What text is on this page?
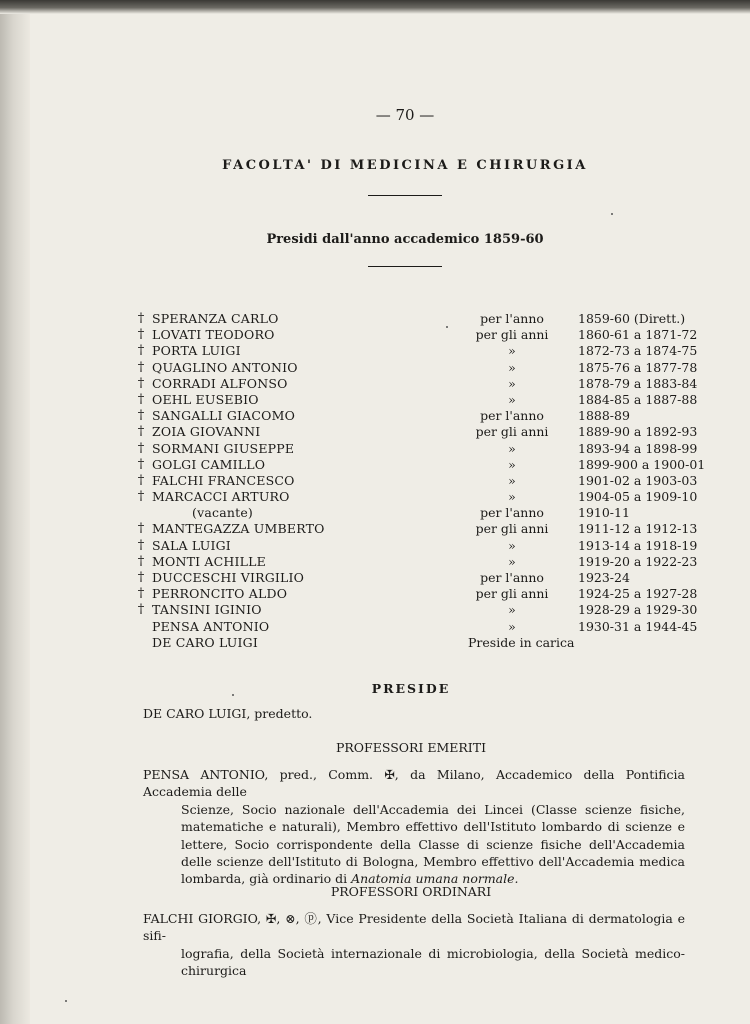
— 70 —
FACOLTA' DI MEDICINA E CHIRURGIA
Presidi dall'anno accademico 1859-60
† SPERANZA CARLO	per l'anno	1859-60 (Dirett.)
† LOVATI TEODORO	per gli anni	1860-61 a 1871-72
† PORTA LUIGI	»	1872-73 a 1874-75
† QUAGLINO ANTONIO	»	1875-76 a 1877-78
† CORRADI ALFONSO	»	1878-79 a 1883-84
† OEHL EUSEBIO	»	1884-85 a 1887-88
† SANGALLI GIACOMO	per l'anno	1888-89
† ZOIA GIOVANNI	per gli anni	1889-90 a 1892-93
† SORMANI GIUSEPPE	»	1893-94 a 1898-99
† GOLGI CAMILLO	»	1899-900 a 1900-01
† FALCHI FRANCESCO	»	1901-02 a 1903-03
† MARCACCI ARTURO	»	1904-05 a 1909-10
(vacante)	per l'anno	1910-11
† MANTEGAZZA UMBERTO	per gli anni	1911-12 a 1912-13
† SALA LUIGI	»	1913-14 a 1918-19
† MONTI ACHILLE	»	1919-20 a 1922-23
† DUCCESCHI VIRGILIO	per l'anno	1923-24
† PERRONCITO ALDO	per gli anni	1924-25 a 1927-28
† TANSINI IGINIO	»	1928-29 a 1929-30
PENSA ANTONIO	»	1930-31 a 1944-45
DE CARO LUIGI	Preside in carica
PRESIDE
DE CARO LUIGI, predetto.
PROFESSORI EMERITI
PENSA ANTONIO, pred., Comm. ✠, da Milano, Accademico della Pontificia Accademia delle
Scienze, Socio nazionale dell'Accademia dei Lincei (Classe scienze fisiche, matematiche e naturali), Membro effettivo dell'Istituto lombardo di scienze e lettere, Socio corrispondente della Classe di scienze fisiche dell'Accademia delle scienze dell'Istituto di Bologna, Membro effettivo dell'Accademia medica lombarda, già ordinario di Anatomia umana normale.
PROFESSORI ORDINARI
FALCHI GIORGIO, ✠, ⊗, ⓟ, Vice Presidente della Società Italiana di dermatologia e sifi-
lografia, della Società internazionale di microbiologia, della Società medico-chirurgica
